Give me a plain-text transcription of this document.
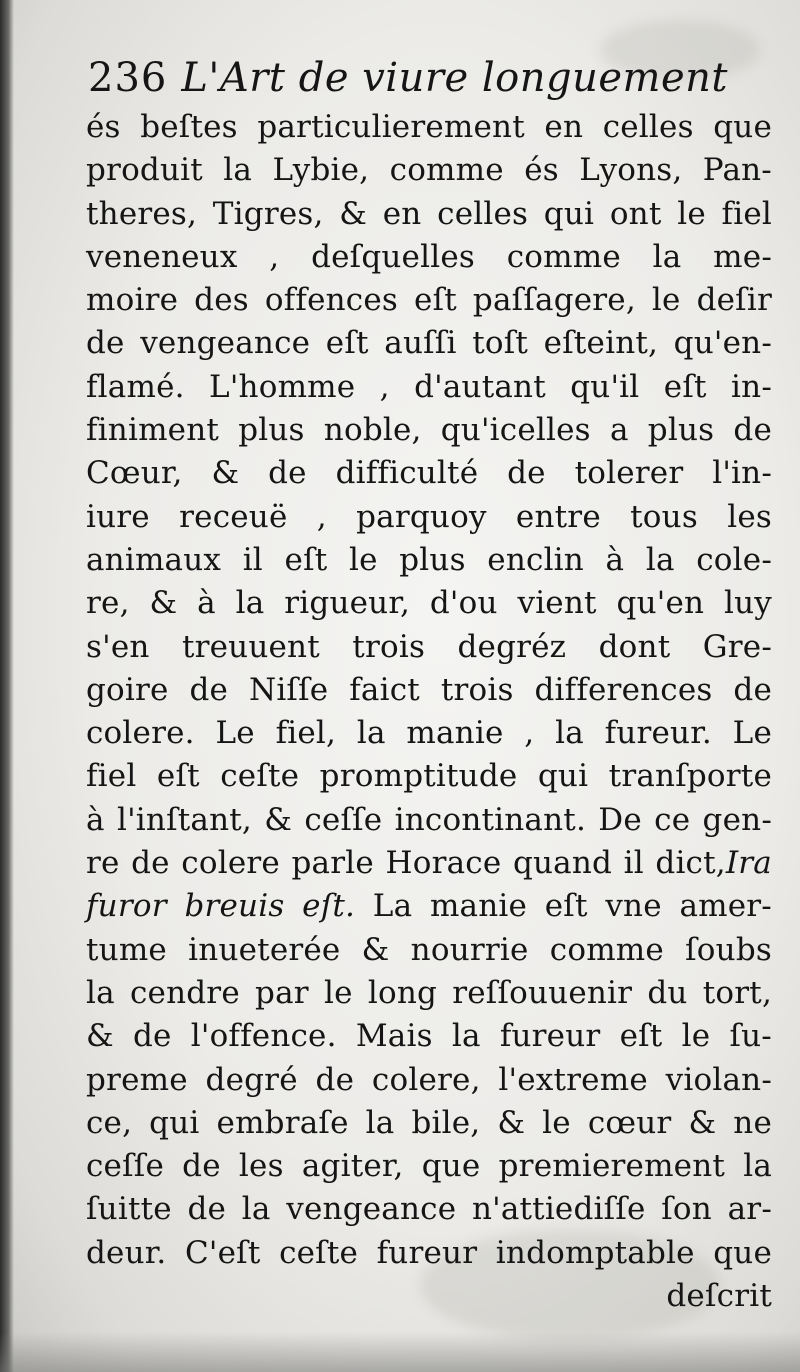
236 L'Art de viure longuement
és beſtes particulierement en celles que
produit la Lybie, comme és Lyons, Pan-
theres, Tigres, & en celles qui ont le fiel
veneneux , deſquelles comme la me-
moire des offences eſt paſſagere, le deſir
de vengeance eſt auſſi toſt eſteint, qu'en-
flamé. L'homme , d'autant qu'il eſt in-
finiment plus noble, qu'icelles a plus de
Cœur, & de difficulté de tolerer l'in-
iure receuë , parquoy entre tous les
animaux il eſt le plus enclin à la cole-
re, & à la rigueur, d'ou vient qu'en luy
s'en treuuent trois degréz dont Gre-
goire de Niſſe faict trois differences de
colere. Le fiel, la manie , la fureur. Le
fiel eſt ceſte promptitude qui tranſporte
à l'inſtant, & ceſſe incontinant. De ce gen-
re de colere parle Horace quand il dict,Ira
furor breuis eſt. La manie eſt vne amer-
tume inueterée & nourrie comme ſoubs
la cendre par le long reſſouuenir du tort,
& de l'offence. Mais la fureur eſt le ſu-
preme degré de colere, l'extreme violan-
ce, qui embraſe la bile, & le cœur & ne
ceſſe de les agiter, que premierement la
ſuitte de la vengeance n'attiediſſe ſon ar-
deur. C'eſt ceſte fureur indomptable que
deſcrit
